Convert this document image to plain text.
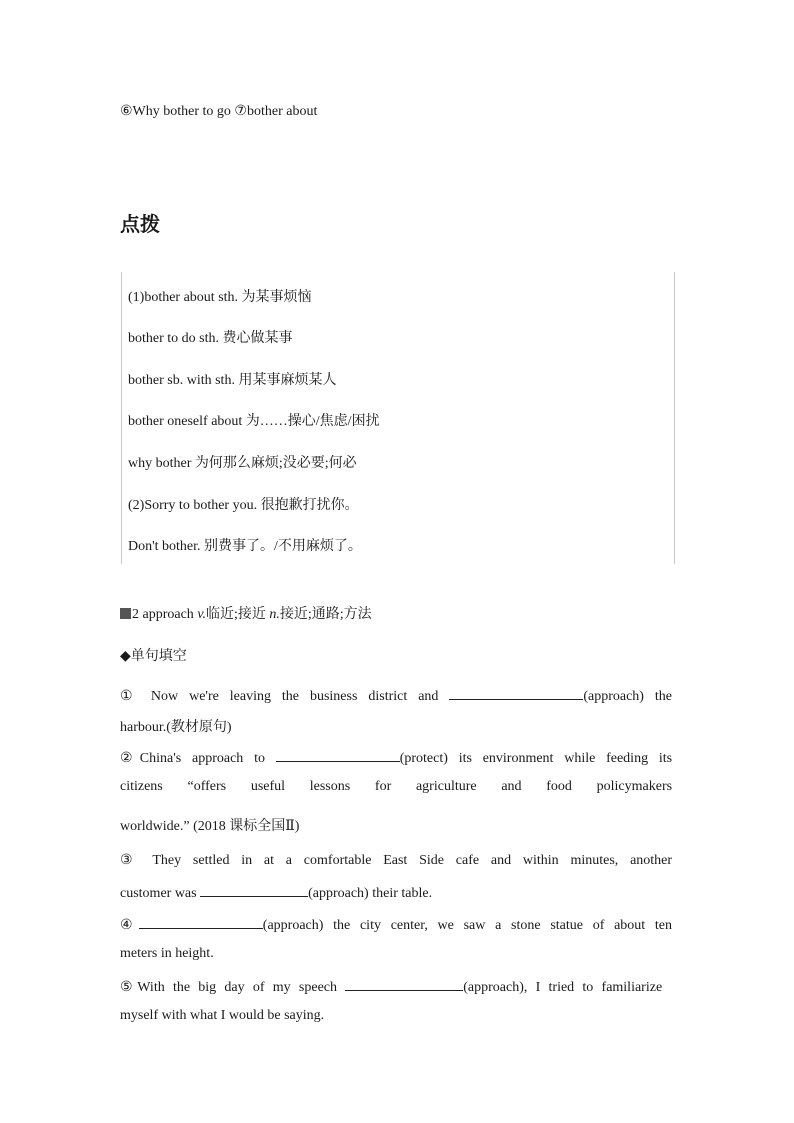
⑥Why bother to go ⑦bother about
点拨
(1)bother about sth. 为某事烦恼
bother to do sth. 费心做某事
bother sb. with sth. 用某事麻烦某人
bother oneself about 为……操心/焦虑/困扰
why bother 为何那么麻烦;没必要;何必
(2)Sorry to bother you. 很抱歉打扰你。
Don't bother. 别费事了。/不用麻烦了。
2 approach v.临近;接近 n.接近;通路;方法
◆单句填空
① Now we're leaving the business district and	(approach) the
harbour.(教材原句)
②China's approach to	(protect) its environment while feeding its
citizens “offers useful lessons for agriculture and food policymakers
worldwide.” (2018 课标全国Ⅱ)
③ They settled in at a comfortable East Side cafe and within minutes, another
customer was	(approach) their table.
④	(approach) the city center, we saw a stone statue of about ten
meters in height.
⑤With the big day of my speech	(approach), I tried to familiarize
myself with what I would be saying.
